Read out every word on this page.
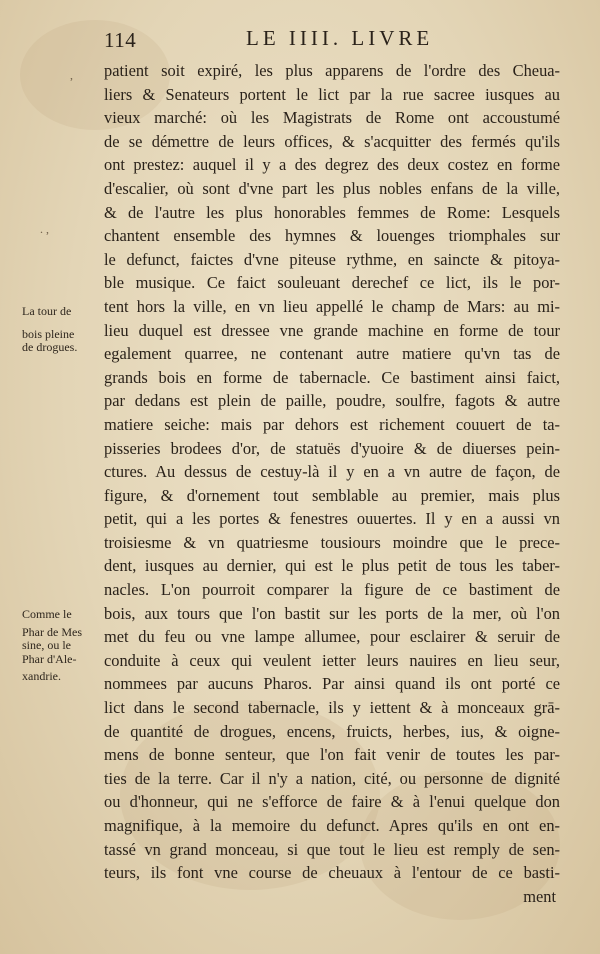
114	LE IIII. LIVRE
,
. ,
La tour de
bois pleine
de drogues.
Comme le
Phar de Mes
sine, ou le
Phar d'Ale-
xandrie.
patient soit expiré, les plus apparens de l'ordre des Cheua-
liers & Senateurs portent le lict par la rue sacree iusques au
vieux marché: où les Magistrats de Rome ont accoustumé
de se démettre de leurs offices, & s'acquitter des fermés qu'ils
ont prestez: auquel il y a des degrez des deux costez en forme
d'escalier, où sont d'vne part les plus nobles enfans de la ville,
& de l'autre les plus honorables femmes de Rome: Lesquels
chantent ensemble des hymnes & louenges triomphales sur
le defunct, faictes d'vne piteuse rythme, en saincte & pitoya-
ble musique. Ce faict souleuant derechef ce lict, ils le por-
tent hors la ville, en vn lieu appellé le champ de Mars: au mi-
lieu duquel est dressee vne grande machine en forme de tour
egalement quarree, ne contenant autre matiere qu'vn tas de
grands bois en forme de tabernacle. Ce bastiment ainsi faict,
par dedans est plein de paille, poudre, soulfre, fagots & autre
matiere seiche: mais par dehors est richement couuert de ta-
pisseries brodees d'or, de statuës d'yuoire & de diuerses pein-
ctures. Au dessus de cestuy-là il y en a vn autre de façon, de
figure, & d'ornement tout semblable au premier, mais plus
petit, qui a les portes & fenestres ouuertes. Il y en a aussi vn
troisiesme & vn quatriesme tousiours moindre que le prece-
dent, iusques au dernier, qui est le plus petit de tous les taber-
nacles. L'on pourroit comparer la figure de ce bastiment de
bois, aux tours que l'on bastit sur les ports de la mer, où l'on
met du feu ou vne lampe allumee, pour esclairer & seruir de
conduite à ceux qui veulent ietter leurs nauires en lieu seur,
nommees par aucuns Pharos. Par ainsi quand ils ont porté ce
lict dans le second tabernacle, ils y iettent & à monceaux grā-
de quantité de drogues, encens, fruicts, herbes, ius, & oigne-
mens de bonne senteur, que l'on fait venir de toutes les par-
ties de la terre. Car il n'y a nation, cité, ou personne de dignité
ou d'honneur, qui ne s'efforce de faire & à l'enui quelque don
magnifique, à la memoire du defunct. Apres qu'ils en ont en-
tassé vn grand monceau, si que tout le lieu est remply de sen-
teurs, ils font vne course de cheuaux à l'entour de ce basti-
ment
